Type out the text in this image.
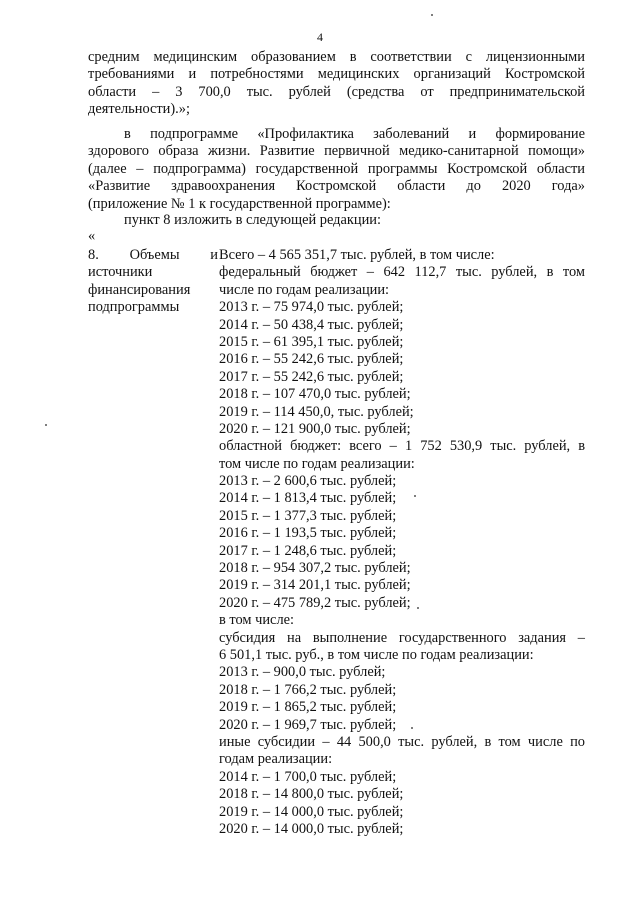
4
средним медицинским образованием в соответствии с лицензионными
требованиями и потребностями медицинских организаций Костромской
области – 3 700,0 тыс. рублей (средства от предпринимательской
деятельности).»;
в подпрограмме «Профилактика заболеваний и формирование
здорового образа жизни. Развитие первичной медико-санитарной помощи»
(далее – подпрограмма) государственной программы Костромской области
«Развитие здравоохранения Костромской области до 2020 года»
(приложение № 1 к государственной программе):
пункт 8 изложить в следующей редакции:
«
8. Объемы и
источники
финансирования
подпрограммы
Всего – 4 565 351,7 тыс. рублей, в том числе:
федеральный бюджет – 642 112,7 тыс. рублей, в том
числе по годам реализации:
2013 г. – 75 974,0 тыс. рублей;
2014 г. – 50 438,4 тыс. рублей;
2015 г. – 61 395,1 тыс. рублей;
2016 г. – 55 242,6 тыс. рублей;
2017 г. – 55 242,6 тыс. рублей;
2018 г. – 107 470,0 тыс. рублей;
2019 г. – 114 450,0, тыс. рублей;
2020 г. – 121 900,0 тыс. рублей;
областной бюджет: всего – 1 752 530,9 тыс. рублей, в
том числе по годам реализации:
2013 г. – 2 600,6 тыс. рублей;
2014 г. – 1 813,4 тыс. рублей;
2015 г. – 1 377,3 тыс. рублей;
2016 г. – 1 193,5 тыс. рублей;
2017 г. – 1 248,6 тыс. рублей;
2018 г. – 954 307,2 тыс. рублей;
2019 г. – 314 201,1 тыс. рублей;
2020 г. – 475 789,2 тыс. рублей;
в том числе:
субсидия на выполнение государственного задания –
6 501,1 тыс. руб., в том числе по годам реализации:
2013 г. – 900,0 тыс. рублей;
2018 г. – 1 766,2 тыс. рублей;
2019 г. – 1 865,2 тыс. рублей;
2020 г. – 1 969,7 тыс. рублей;
иные субсидии – 44 500,0 тыс. рублей, в том числе по
годам реализации:
2014 г. – 1 700,0 тыс. рублей;
2018 г. – 14 800,0 тыс. рублей;
2019 г. – 14 000,0 тыс. рублей;
2020 г. – 14 000,0 тыс. рублей;
